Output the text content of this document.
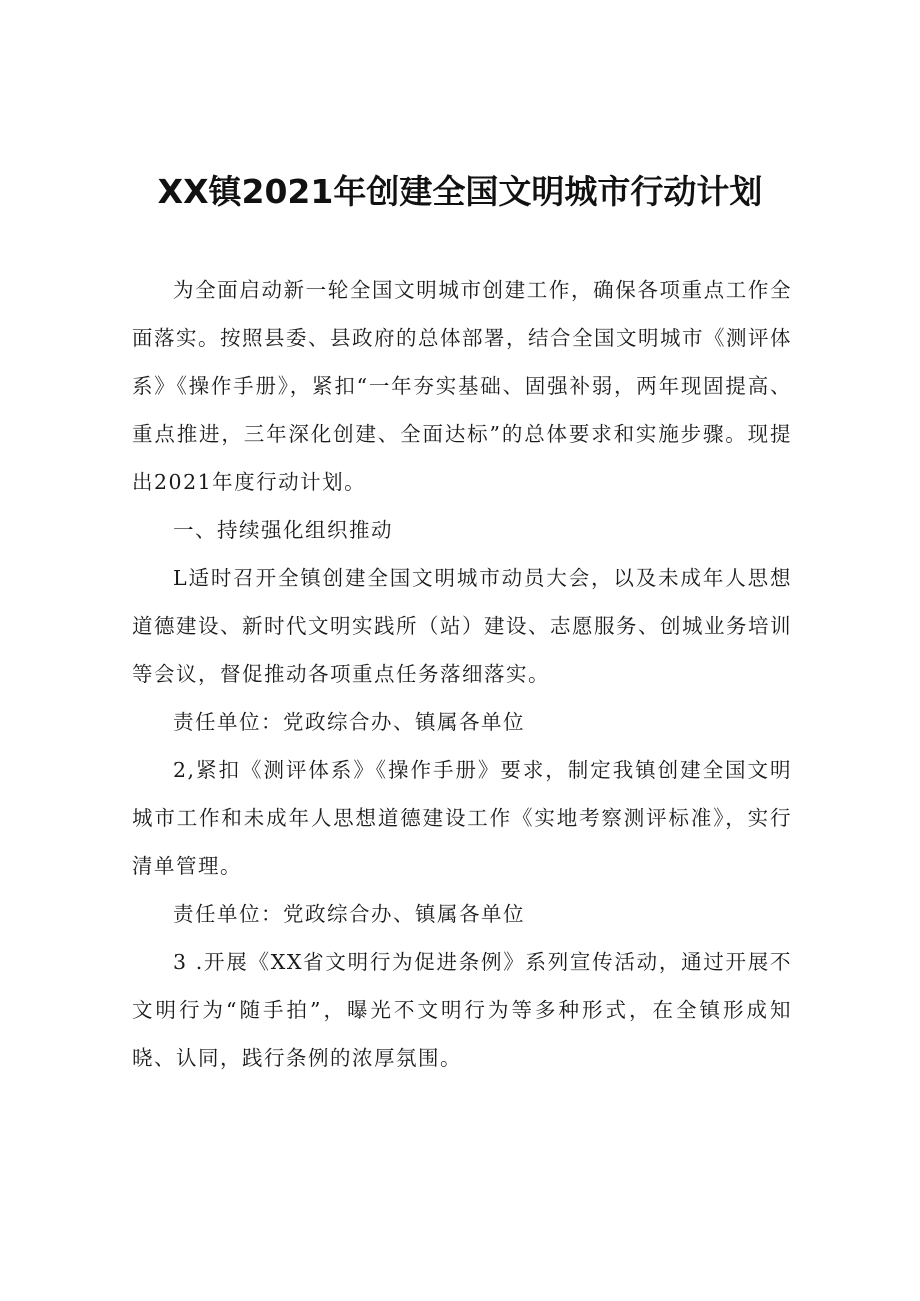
XX镇2021年创建全国文明城市行动计划

为全面启动新一轮全国文明城市创建工作，确保各项重点工作全面落实。按照县委、县政府的总体部署，结合全国文明城市《测评体系》《操作手册》，紧扣“一年夯实基础、固强补弱，两年现固提高、重点推进，三年深化创建、全面达标”的总体要求和实施步骤。现提出2021年度行动计划。

一、持续强化组织推动

L适时召开全镇创建全国文明城市动员大会，以及未成年人思想道德建设、新时代文明实践所（站）建设、志愿服务、创城业务培训等会议，督促推动各项重点任务落细落实。

责任单位：党政综合办、镇属各单位

2,紧扣《测评体系》《操作手册》要求，制定我镇创建全国文明城市工作和未成年人思想道德建设工作《实地考察测评标准》，实行清单管理。

责任单位：党政综合办、镇属各单位

3 .开展《XX省文明行为促进条例》系列宣传活动，通过开展不文明行为“随手拍”，曝光不文明行为等多种形式，在全镇形成知晓、认同，践行条例的浓厚氛围。
